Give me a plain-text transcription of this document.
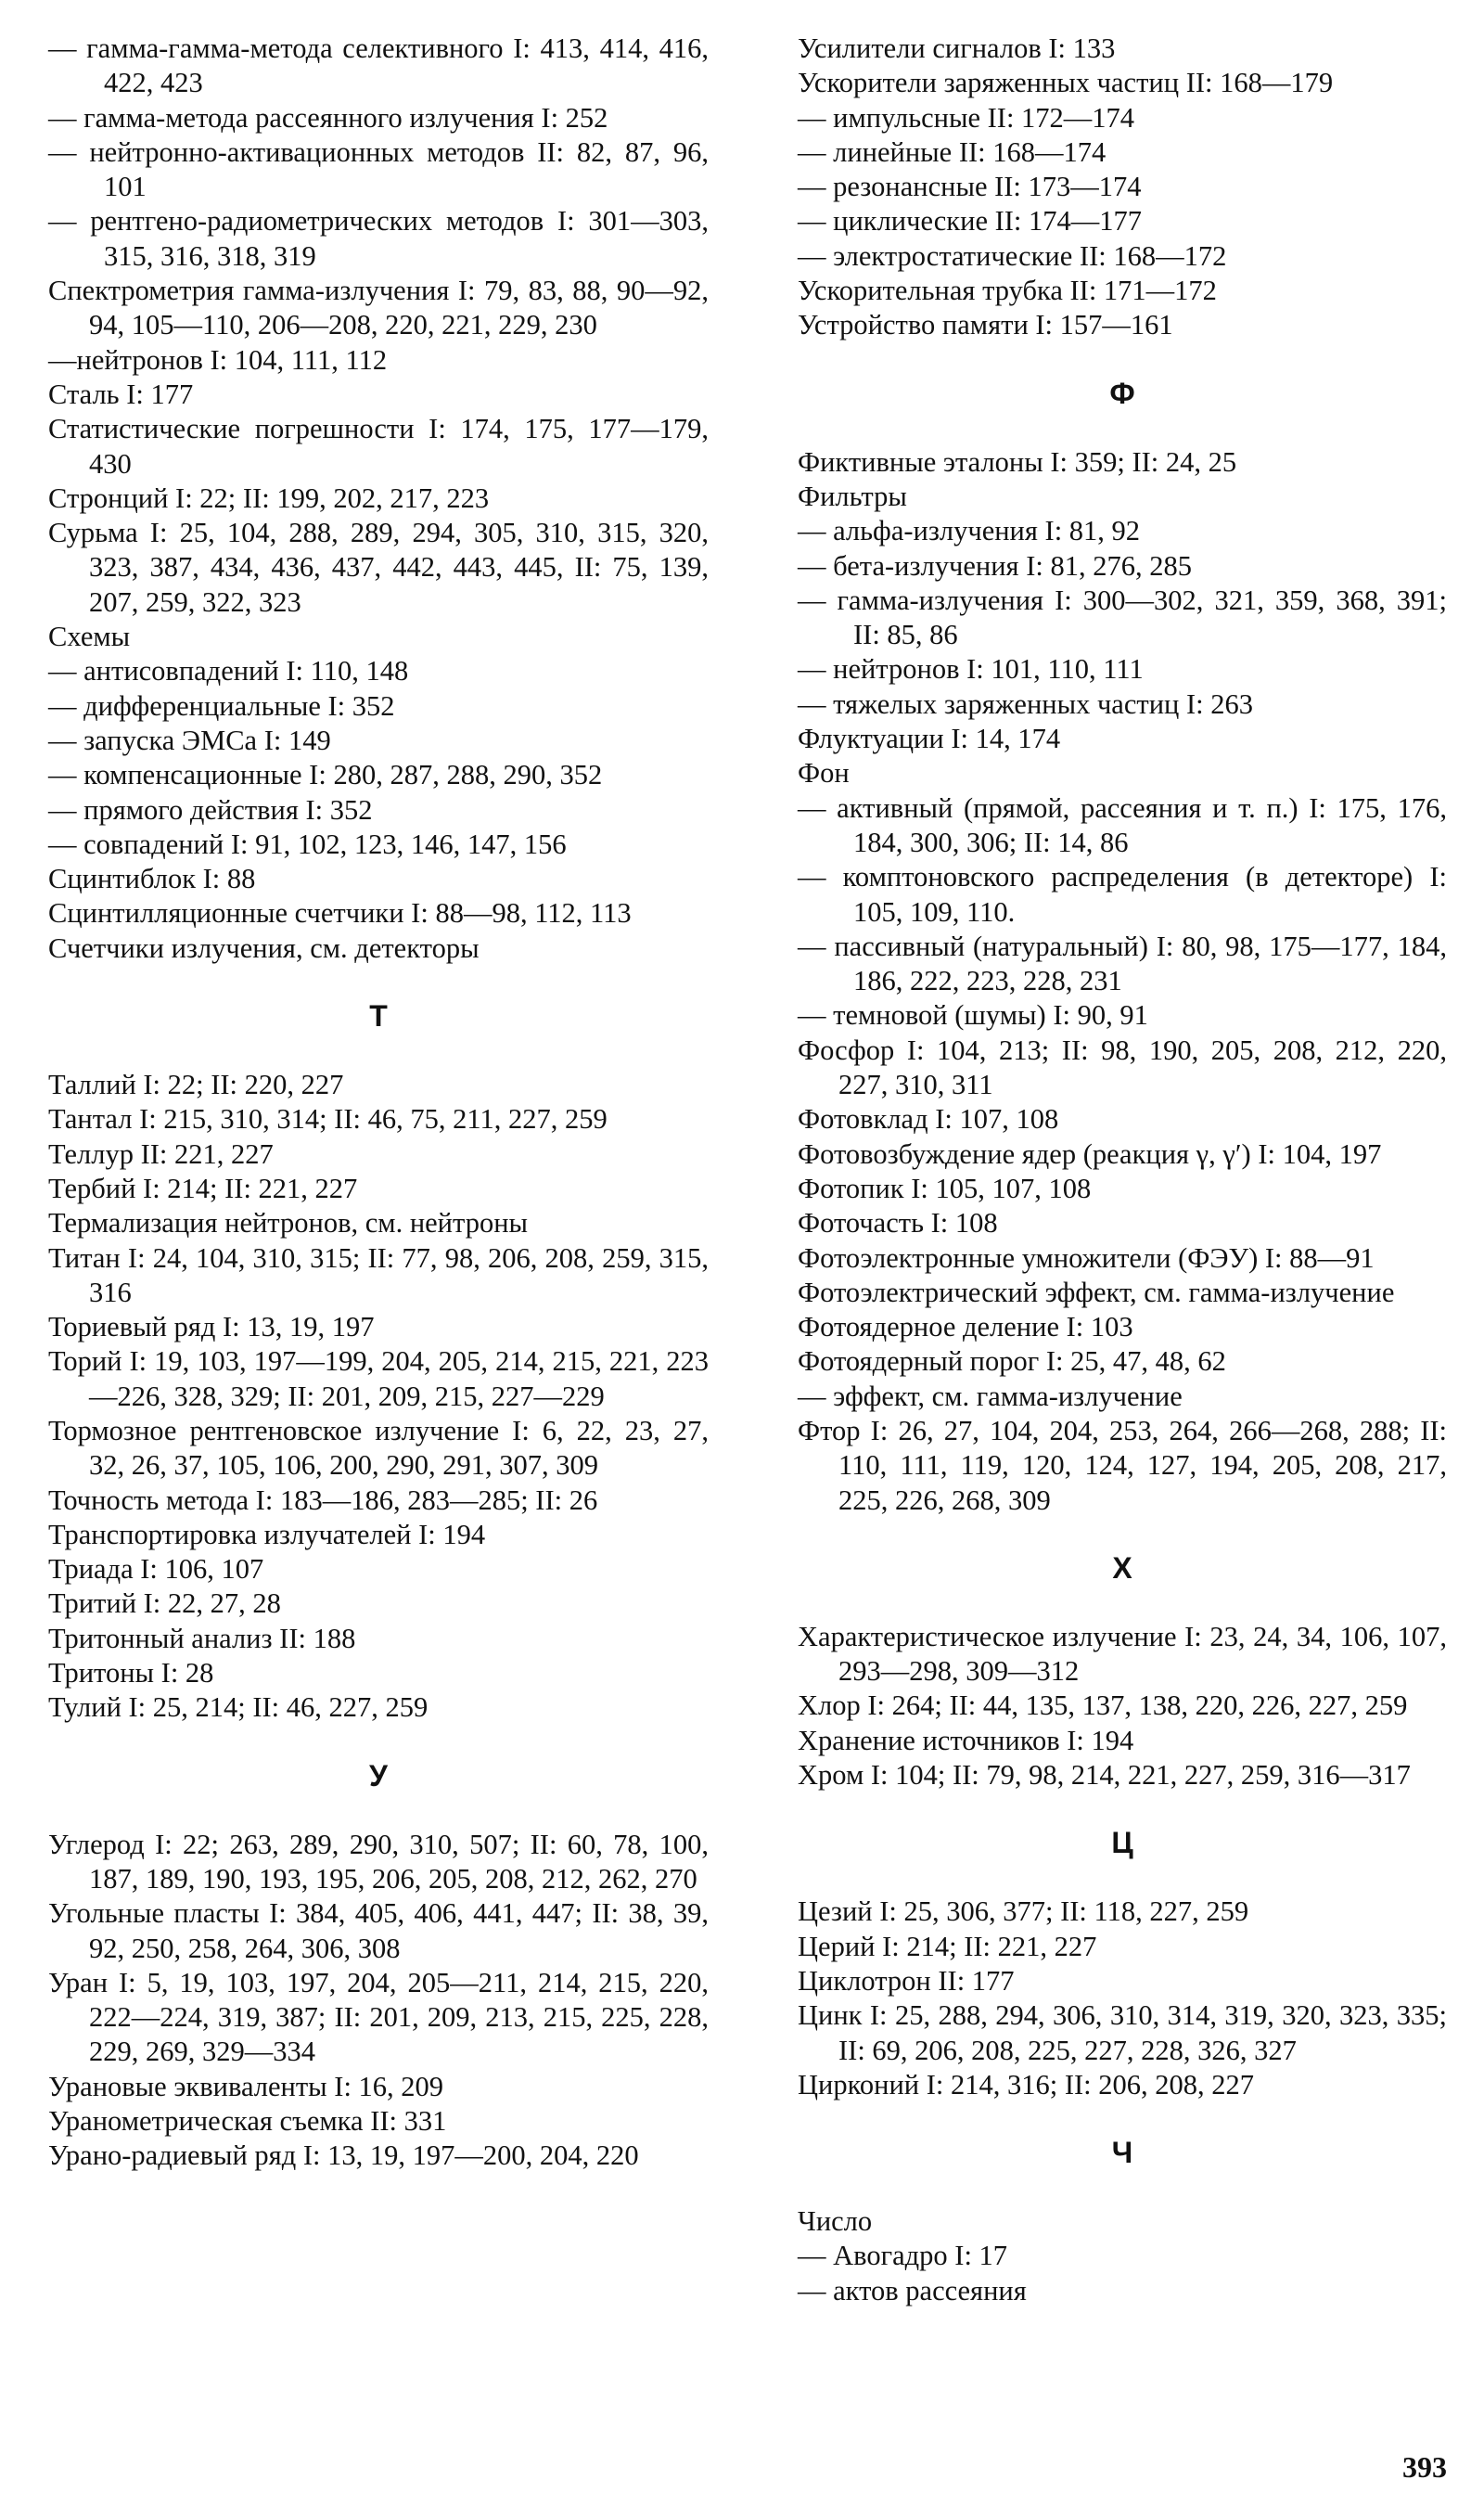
— гамма-гамма-метода селективного I: 413, 414, 416, 422, 423

— гамма-метода рассеянного излучения I: 252

— нейтронно-активационных методов II: 82, 87, 96, 101

— рентгено-радиометрических методов I: 301—303, 315, 316, 318, 319

Спектрометрия гамма-излучения I: 79, 83, 88, 90—92, 94, 105—110, 206—208, 220, 221, 229, 230

—нейтронов I: 104, 111, 112

Сталь I: 177

Статистические погрешности I: 174, 175, 177—179, 430

Стронций I: 22; II: 199, 202, 217, 223

Сурьма I: 25, 104, 288, 289, 294, 305, 310, 315, 320, 323, 387, 434, 436, 437, 442, 443, 445, II: 75, 139, 207, 259, 322, 323

Схемы

— антисовпадений I: 110, 148

— дифференциальные I: 352

— запуска ЭМСа I: 149

— компенсационные I: 280, 287, 288, 290, 352

— прямого действия I: 352

— совпадений I: 91, 102, 123, 146, 147, 156

Сцинтиблок I: 88

Сцинтилляционные счетчики I: 88—98, 112, 113

Счетчики излучения, см. детекторы

Т

Таллий I: 22; II: 220, 227

Тантал I: 215, 310, 314; II: 46, 75, 211, 227, 259

Теллур II: 221, 227

Тербий I: 214; II: 221, 227

Термализация нейтронов, см. нейтроны

Титан I: 24, 104, 310, 315; II: 77, 98, 206, 208, 259, 315, 316

Ториевый ряд I: 13, 19, 197

Торий I: 19, 103, 197—199, 204, 205, 214, 215, 221, 223—226, 328, 329; II: 201, 209, 215, 227—229

Тормозное рентгеновское излучение I: 6, 22, 23, 27, 32, 26, 37, 105, 106, 200, 290, 291, 307, 309

Точность метода I: 183—186, 283—285; II: 26

Транспортировка излучателей I: 194

Триада I: 106, 107

Тритий I: 22, 27, 28

Тритонный анализ II: 188

Тритоны I: 28

Тулий I: 25, 214; II: 46, 227, 259

У

Углерод I: 22; 263, 289, 290, 310, 507; II: 60, 78, 100, 187, 189, 190, 193, 195, 206, 205, 208, 212, 262, 270

Угольные пласты I: 384, 405, 406, 441, 447; II: 38, 39, 92, 250, 258, 264, 306, 308

Уран I: 5, 19, 103, 197, 204, 205—211, 214, 215, 220, 222—224, 319, 387; II: 201, 209, 213, 215, 225, 228, 229, 269, 329—334

Урановые эквиваленты I: 16, 209

Уранометрическая съемка II: 331

Урано-радиевый ряд I: 13, 19, 197—200, 204, 220

Усилители сигналов I: 133

Ускорители заряженных частиц II: 168—179

— импульсные II: 172—174

— линейные II: 168—174

— резонансные II: 173—174

— циклические II: 174—177

— электростатические II: 168—172

Ускорительная трубка II: 171—172

Устройство памяти I: 157—161

Ф

Фиктивные эталоны I: 359; II: 24, 25

Фильтры

— альфа-излучения I: 81, 92

— бета-излучения I: 81, 276, 285

— гамма-излучения I: 300—302, 321, 359, 368, 391; II: 85, 86

— нейтронов I: 101, 110, 111

— тяжелых заряженных частиц I: 263

Флуктуации I: 14, 174

Фон

— активный (прямой, рассеяния и т. п.) I: 175, 176, 184, 300, 306; II: 14, 86

— комптоновского распределения (в детекторе) I: 105, 109, 110.

— пассивный (натуральный) I: 80, 98, 175—177, 184, 186, 222, 223, 228, 231

— темновой (шумы) I: 90, 91

Фосфор I: 104, 213; II: 98, 190, 205, 208, 212, 220, 227, 310, 311

Фотовклад I: 107, 108

Фотовозбуждение ядер (реакция γ, γ′) I: 104, 197

Фотопик I: 105, 107, 108

Фоточасть I: 108

Фотоэлектронные умножители (ФЭУ) I: 88—91

Фотоэлектрический эффект, см. гамма-излучение

Фотоядерное деление I: 103

Фотоядерный порог I: 25, 47, 48, 62

— эффект, см. гамма-излучение

Фтор I: 26, 27, 104, 204, 253, 264, 266—268, 288; II: 110, 111, 119, 120, 124, 127, 194, 205, 208, 217, 225, 226, 268, 309

Х

Характеристическое излучение I: 23, 24, 34, 106, 107, 293—298, 309—312

Хлор I: 264; II: 44, 135, 137, 138, 220, 226, 227, 259

Хранение источников I: 194

Хром I: 104; II: 79, 98, 214, 221, 227, 259, 316—317

Ц

Цезий I: 25, 306, 377; II: 118, 227, 259

Церий I: 214; II: 221, 227

Циклотрон II: 177

Цинк I: 25, 288, 294, 306, 310, 314, 319, 320, 323, 335; II: 69, 206, 208, 225, 227, 228, 326, 327

Цирконий I: 214, 316; II: 206, 208, 227

Ч

Число

— Авогадро I: 17

— актов рассеяния

393
